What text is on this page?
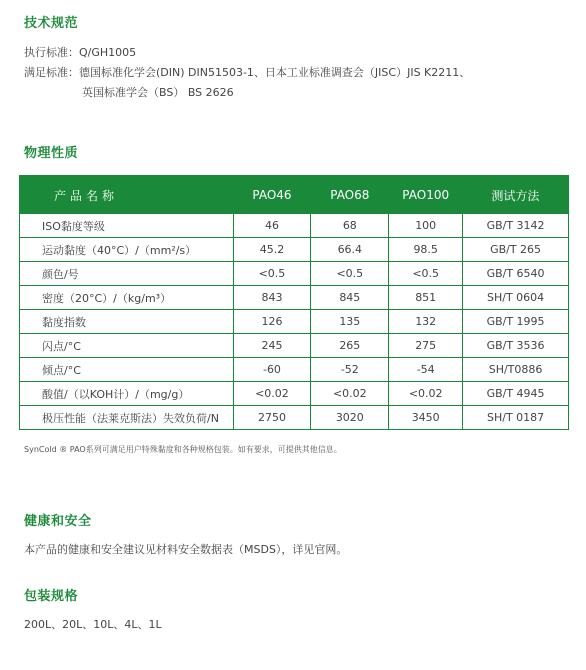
技术规范
执行标准：Q/GH1005
满足标准：德国标准化学会(DIN) DIN51503-1、日本工业标准调查会（JISC）JIS K2211、
英国标准学会（BS） BS 2626
物理性质
产品名称	PAO46	PAO68	PAO100	测试方法
ISO黏度等级	46	68	100	GB/T 3142
运动黏度（40°C）/（mm²/s）	45.2	66.4	98.5	GB/T 265
颜色/号	<0.5	<0.5	<0.5	GB/T 6540
密度（20°C）/（kg/m³）	843	845	851	SH/T 0604
黏度指数	126	135	132	GB/T 1995
闪点/°C	245	265	275	GB/T 3536
倾点/°C	-60	-52	-54	SH/T0886
酸值/（以KOH计）/（mg/g）	<0.02	<0.02	<0.02	GB/T 4945
极压性能（法莱克斯法）失效负荷/N	2750	3020	3450	SH/T 0187
SynCold ® PAO系列可满足用户特殊黏度和各种规格包装。如有要求，可提供其他信息。
健康和安全
本产品的健康和安全建议见材料安全数据表（MSDS），详见官网。
包装规格
200L、20L、10L、4L、1L
